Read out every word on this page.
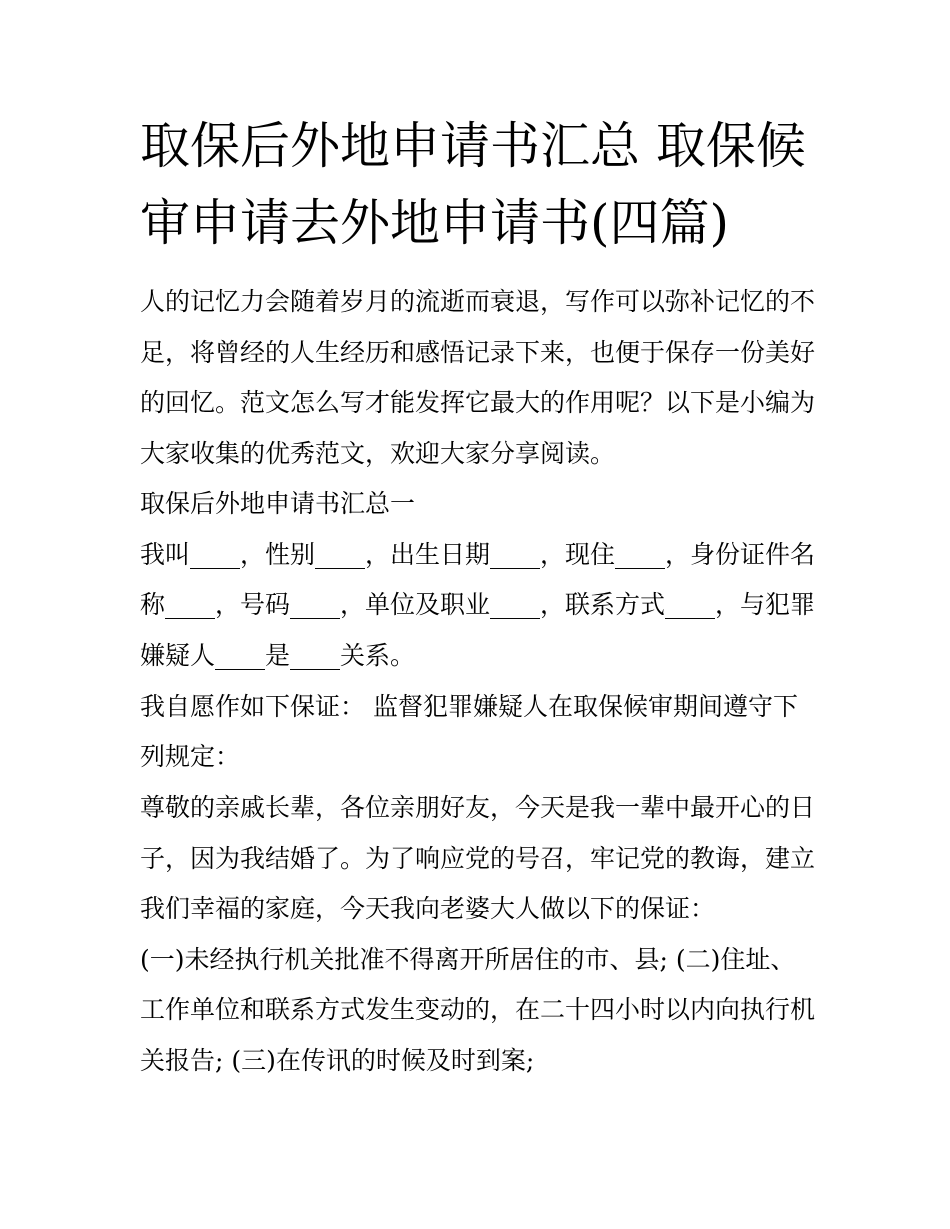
取保后外地申请书汇总 取保候
审申请去外地申请书(四篇)
人的记忆力会随着岁月的流逝而衰退，写作可以弥补记忆的不
足，将曾经的人生经历和感悟记录下来，也便于保存一份美好
的回忆。范文怎么写才能发挥它最大的作用呢？以下是小编为
大家收集的优秀范文，欢迎大家分享阅读。
取保后外地申请书汇总一
我叫____，性别____，出生日期____，现住____，身份证件名
称____，号码____，单位及职业____，联系方式____，与犯罪
嫌疑人____是____关系。
我自愿作如下保证： 监督犯罪嫌疑人在取保候审期间遵守下
列规定：
尊敬的亲戚长辈，各位亲朋好友，今天是我一辈中最开心的日
子，因为我结婚了。为了响应党的号召，牢记党的教诲，建立
我们幸福的家庭，今天我向老婆大人做以下的保证：
(一)未经执行机关批准不得离开所居住的市、县; (二)住址、
工作单位和联系方式发生变动的，在二十四小时以内向执行机
关报告; (三)在传讯的时候及时到案;
